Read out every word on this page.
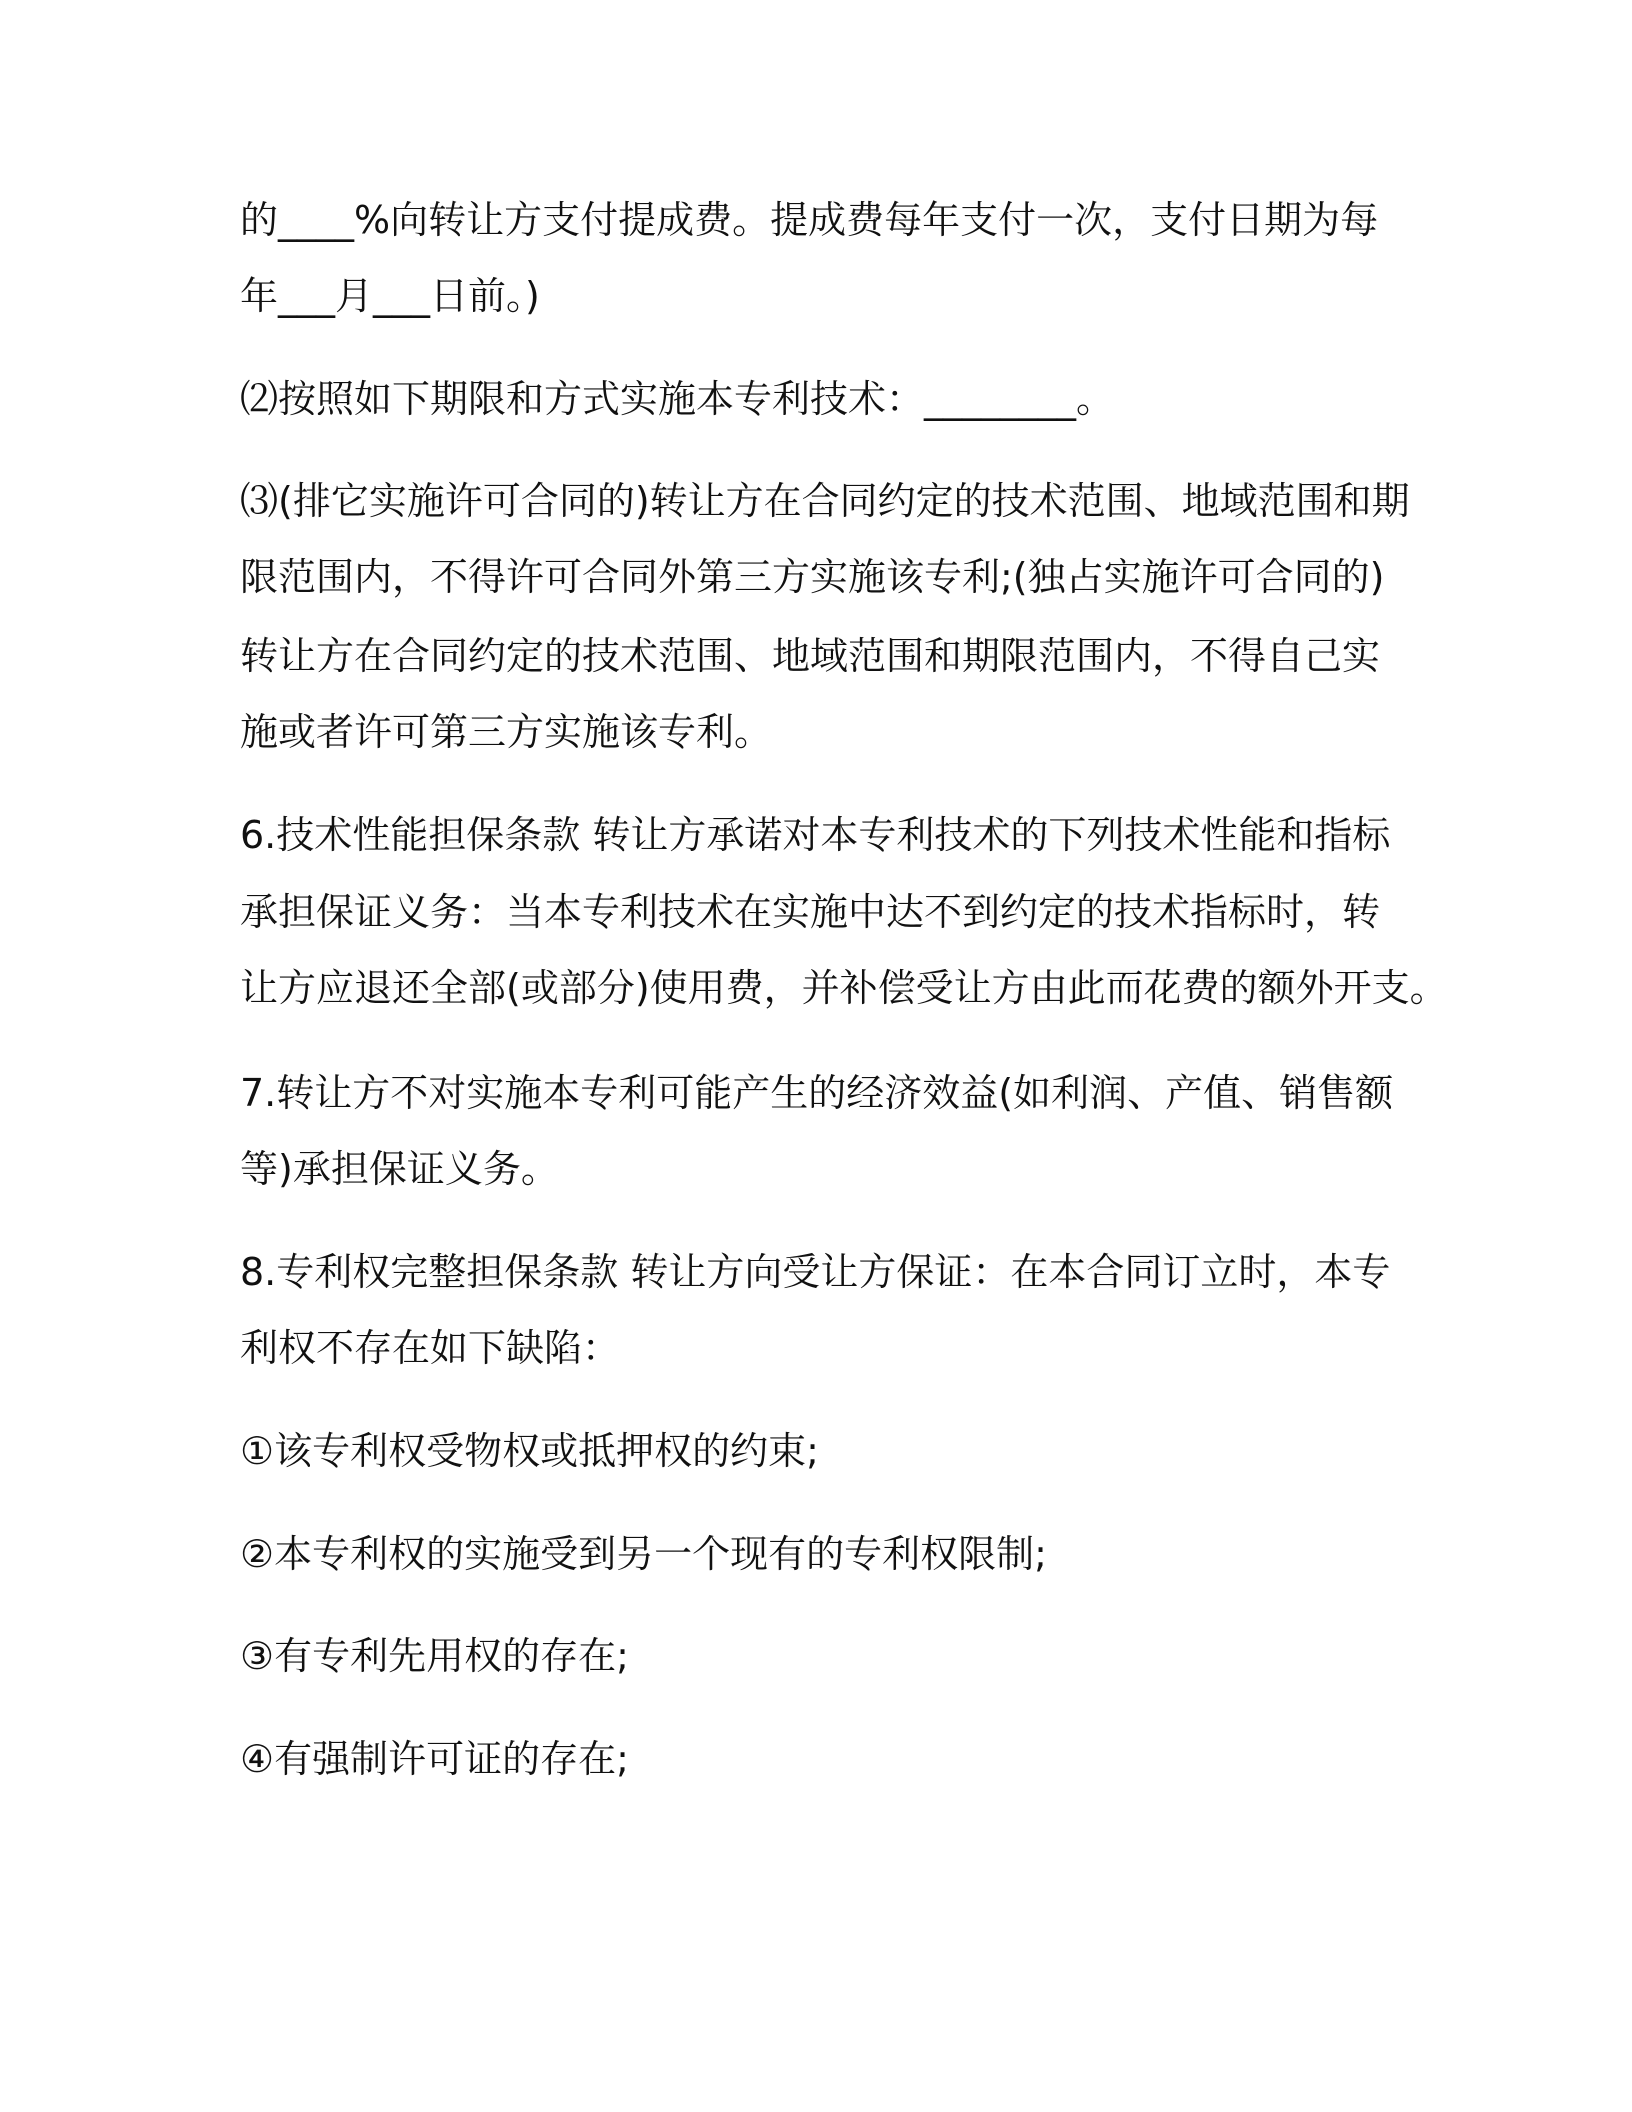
的____%向转让方支付提成费。提成费每年支付一次，支付日期为每
年___月___日前。)
⑵按照如下期限和方式实施本专利技术：________。
⑶(排它实施许可合同的)转让方在合同约定的技术范围、地域范围和期
限范围内，不得许可合同外第三方实施该专利;(独占实施许可合同的)
转让方在合同约定的技术范围、地域范围和期限范围内，不得自己实
施或者许可第三方实施该专利。
6.技术性能担保条款 转让方承诺对本专利技术的下列技术性能和指标
承担保证义务：当本专利技术在实施中达不到约定的技术指标时，转
让方应退还全部(或部分)使用费，并补偿受让方由此而花费的额外开支。
7.转让方不对实施本专利可能产生的经济效益(如利润、产值、销售额
等)承担保证义务。
8.专利权完整担保条款 转让方向受让方保证：在本合同订立时，本专
利权不存在如下缺陷：
①该专利权受物权或抵押权的约束;
②本专利权的实施受到另一个现有的专利权限制;
③有专利先用权的存在;
④有强制许可证的存在;
